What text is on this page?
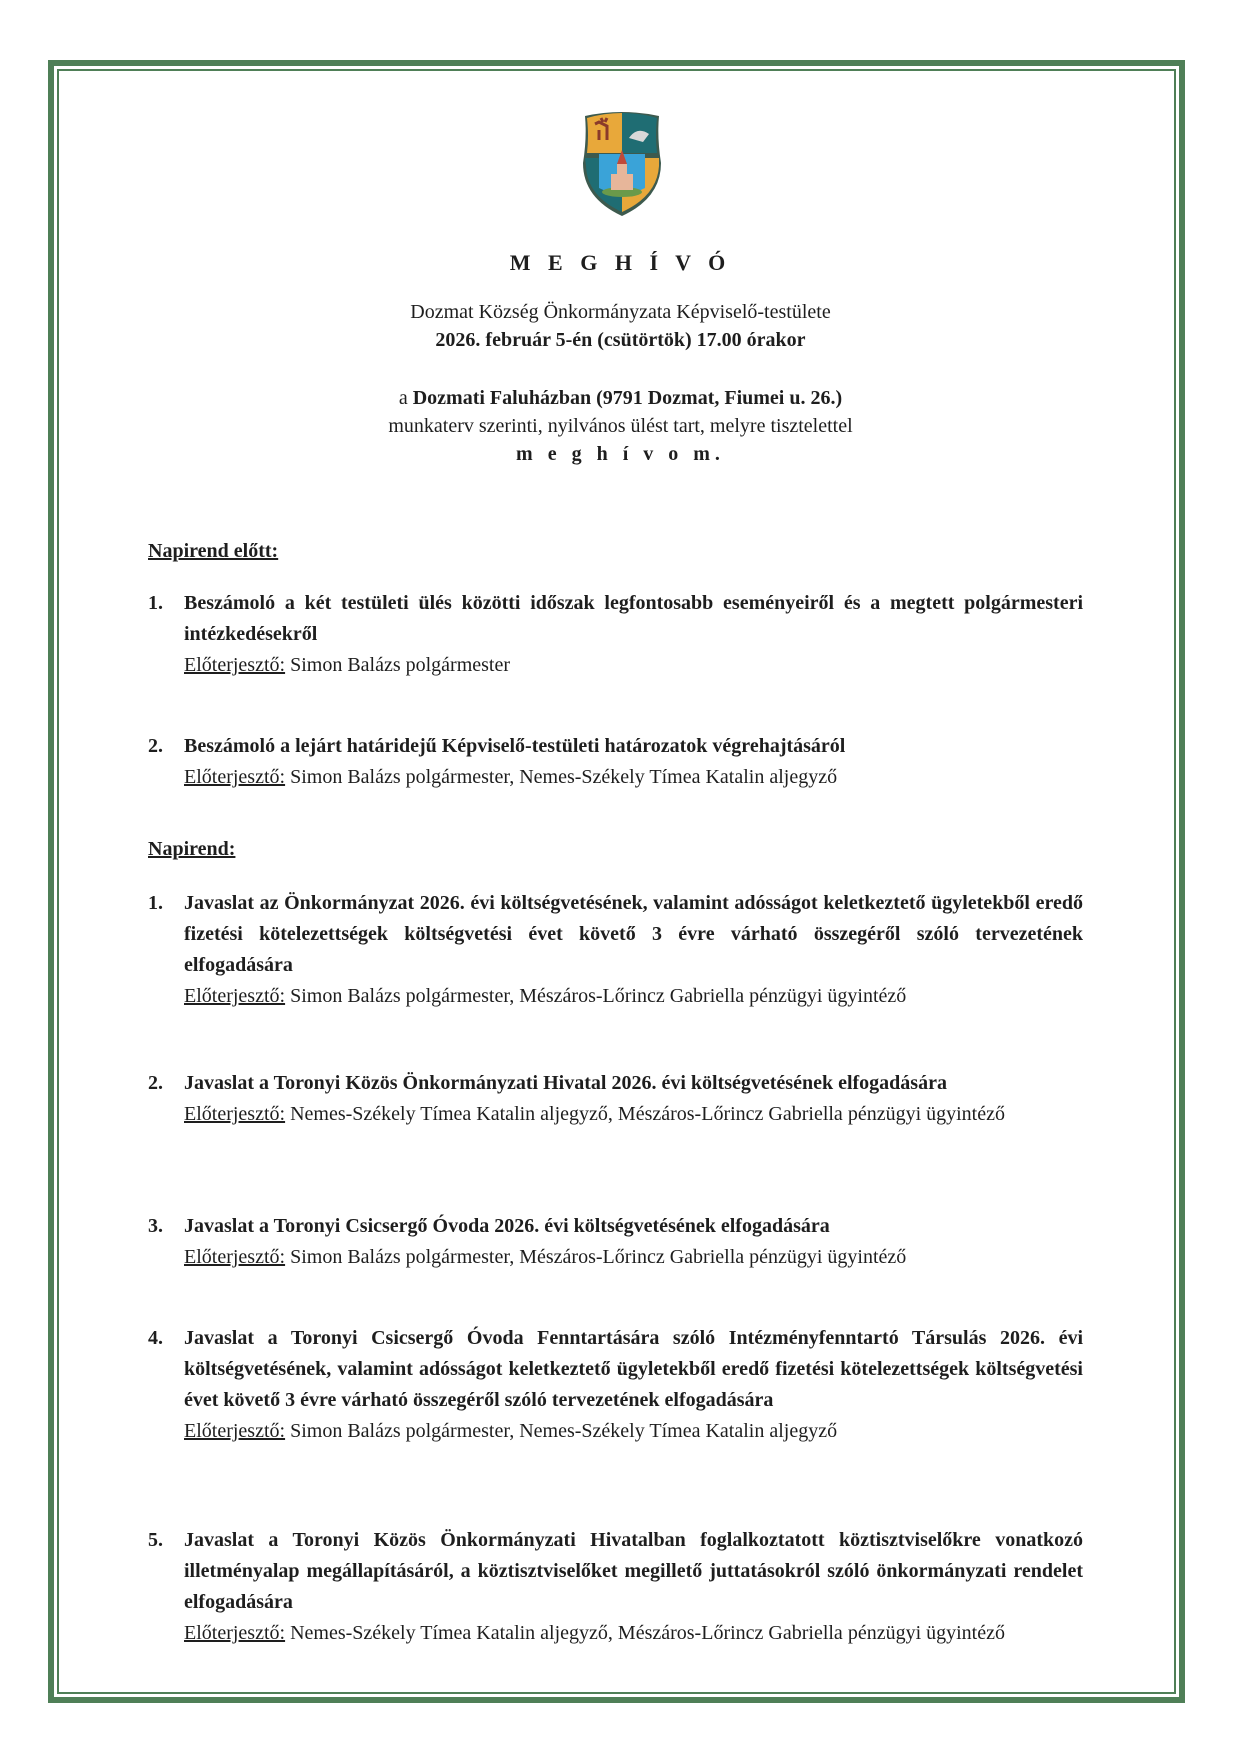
M E G H Í V Ó
Dozmat Község Önkormányzata Képviselő-testülete
2026. február 5-én (csütörtök) 17.00 órakor
a Dozmati Faluházban (9791 Dozmat, Fiumei u. 26.)
munkaterv szerinti, nyilvános ülést tart, melyre tisztelettel
m e g h í v o m.
Napirend előtt:
1. Beszámoló a két testületi ülés közötti időszak legfontosabb eseményeiről és a megtett polgármesteri intézkedésekről
Előterjesztő: Simon Balázs polgármester
2. Beszámoló a lejárt határidejű Képviselő-testületi határozatok végrehajtásáról
Előterjesztő: Simon Balázs polgármester, Nemes-Székely Tímea Katalin aljegyző
Napirend:
1. Javaslat az Önkormányzat 2026. évi költségvetésének, valamint adósságot keletkeztető ügyletekből eredő fizetési kötelezettségek költségvetési évet követő 3 évre várható összegéről szóló tervezetének elfogadására
Előterjesztő: Simon Balázs polgármester, Mészáros-Lőrincz Gabriella pénzügyi ügyintéző
2. Javaslat a Toronyi Közös Önkormányzati Hivatal 2026. évi költségvetésének elfogadására
Előterjesztő: Nemes-Székely Tímea Katalin aljegyző, Mészáros-Lőrincz Gabriella pénzügyi ügyintéző
3. Javaslat a Toronyi Csicsergő Óvoda 2026. évi költségvetésének elfogadására
Előterjesztő: Simon Balázs polgármester, Mészáros-Lőrincz Gabriella pénzügyi ügyintéző
4. Javaslat a Toronyi Csicsergő Óvoda Fenntartására szóló Intézményfenntartó Társulás 2026. évi költségvetésének, valamint adósságot keletkeztető ügyletekből eredő fizetési kötelezettségek költségvetési évet követő 3 évre várható összegéről szóló tervezetének elfogadására
Előterjesztő: Simon Balázs polgármester, Nemes-Székely Tímea Katalin aljegyző
5. Javaslat a Toronyi Közös Önkormányzati Hivatalban foglalkoztatott köztisztviselőkre vonatkozó illetményalap megállapításáról, a köztisztviselőket megillető juttatásokról szóló önkormányzati rendelet elfogadására
Előterjesztő: Nemes-Székely Tímea Katalin aljegyző, Mészáros-Lőrincz Gabriella pénzügyi ügyintéző
